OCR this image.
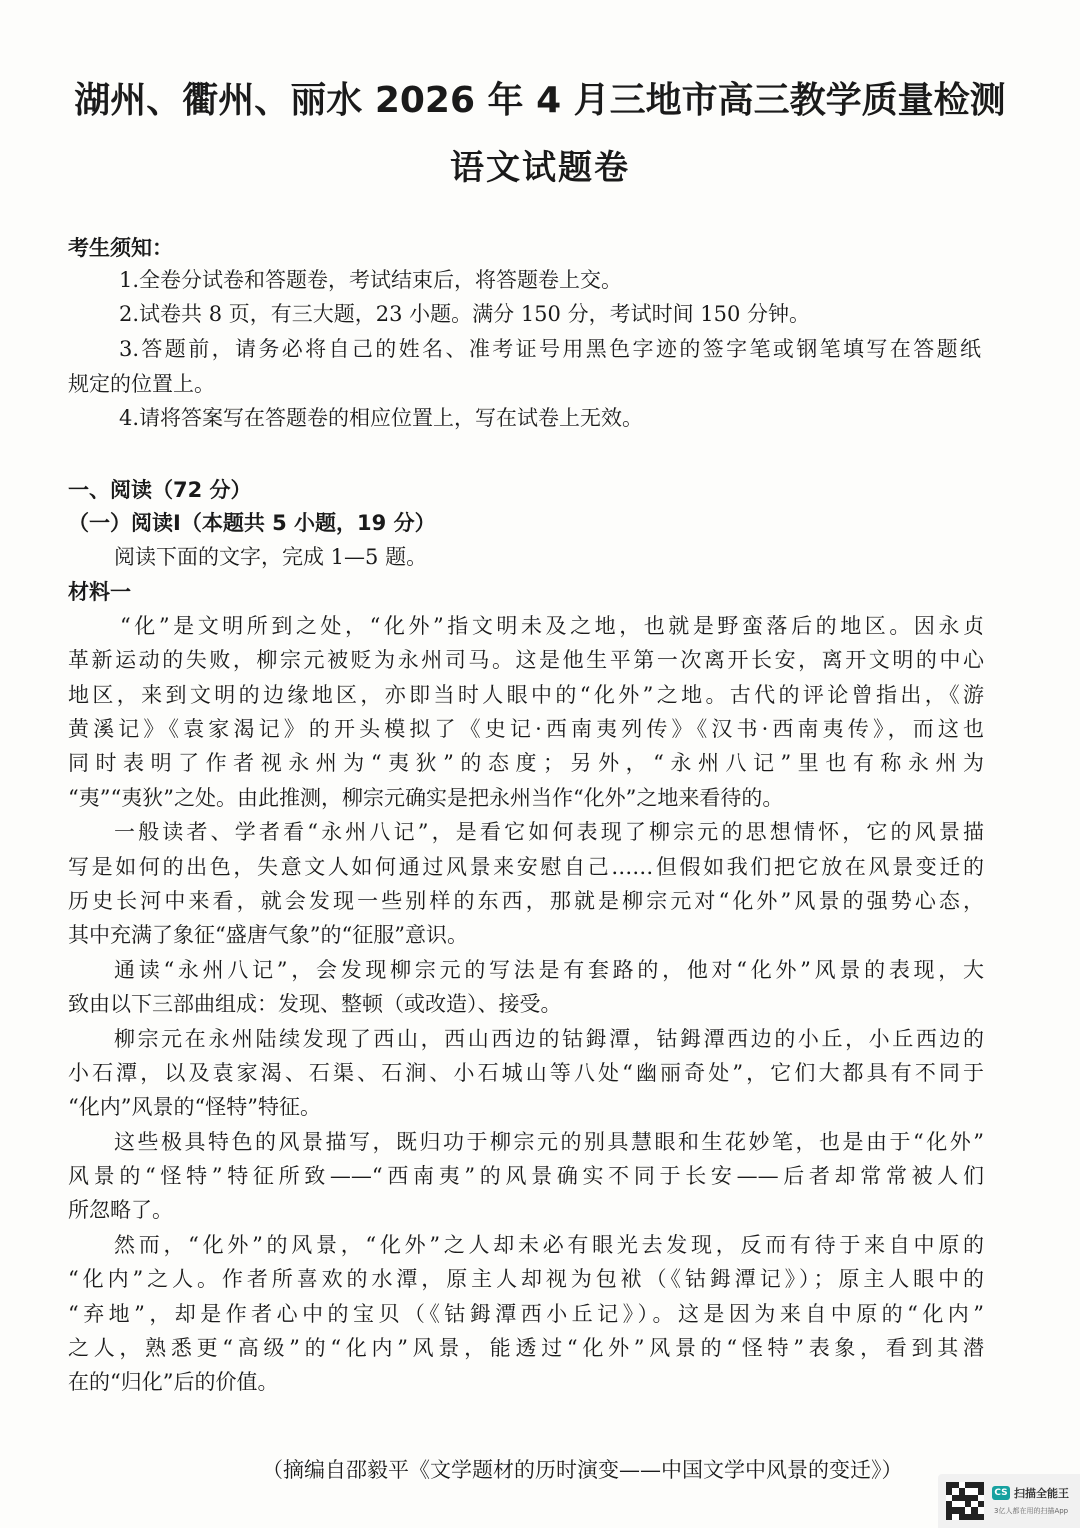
湖州、衢州、丽水 2026 年 4 月三地市高三教学质量检测
语文试题卷
考生须知：
1.全卷分试卷和答题卷，考试结束后，将答题卷上交。
2.试卷共 8 页，有三大题，23 小题。满分 150 分，考试时间 150 分钟。
3.答题前，请务必将自己的姓名、准考证号用黑色字迹的签字笔或钢笔填写在答题纸
规定的位置上。
4.请将答案写在答题卷的相应位置上，写在试卷上无效。
一、阅读（72 分）
（一）阅读Ⅰ（本题共 5 小题，19 分）
阅读下面的文字，完成 1—5 题。
材料一
“化”是文明所到之处，“化外”指文明未及之地，也就是野蛮落后的地区。因永贞
革新运动的失败，柳宗元被贬为永州司马。这是他生平第一次离开长安，离开文明的中心
地区，来到文明的边缘地区，亦即当时人眼中的“化外”之地。古代的评论曾指出，《游
黄溪记》《袁家渴记》的开头模拟了《史记·西南夷列传》《汉书·西南夷传》，而这也
同时表明了作者视永州为“夷狄”的态度；另外，“永州八记”里也有称永州为
“夷”“夷狄”之处。由此推测，柳宗元确实是把永州当作“化外”之地来看待的。
一般读者、学者看“永州八记”，是看它如何表现了柳宗元的思想情怀，它的风景描
写是如何的出色，失意文人如何通过风景来安慰自己……但假如我们把它放在风景变迁的
历史长河中来看，就会发现一些别样的东西，那就是柳宗元对“化外”风景的强势心态，
其中充满了象征“盛唐气象”的“征服”意识。
通读“永州八记”，会发现柳宗元的写法是有套路的，他对“化外”风景的表现，大
致由以下三部曲组成：发现、整顿（或改造）、接受。
柳宗元在永州陆续发现了西山，西山西边的钴鉧潭，钴鉧潭西边的小丘，小丘西边的
小石潭，以及袁家渴、石渠、石涧、小石城山等八处“幽丽奇处”，它们大都具有不同于
“化内”风景的“怪特”特征。
这些极具特色的风景描写，既归功于柳宗元的别具慧眼和生花妙笔，也是由于“化外”
风景的“怪特”特征所致——“西南夷”的风景确实不同于长安——后者却常常被人们
所忽略了。
然而，“化外”的风景，“化外”之人却未必有眼光去发现，反而有待于来自中原的
“化内”之人。作者所喜欢的水潭，原主人却视为包袱（《钴鉧潭记》）；原主人眼中的
“弃地”，却是作者心中的宝贝（《钴鉧潭西小丘记》）。这是因为来自中原的“化内”
之人，熟悉更“高级”的“化内”风景，能透过“化外”风景的“怪特”表象，看到其潜
在的“归化”后的价值。
（摘编自邵毅平《文学题材的历时演变——中国文学中风景的变迁》）
CS 扫描全能王
3亿人都在用的扫描App
